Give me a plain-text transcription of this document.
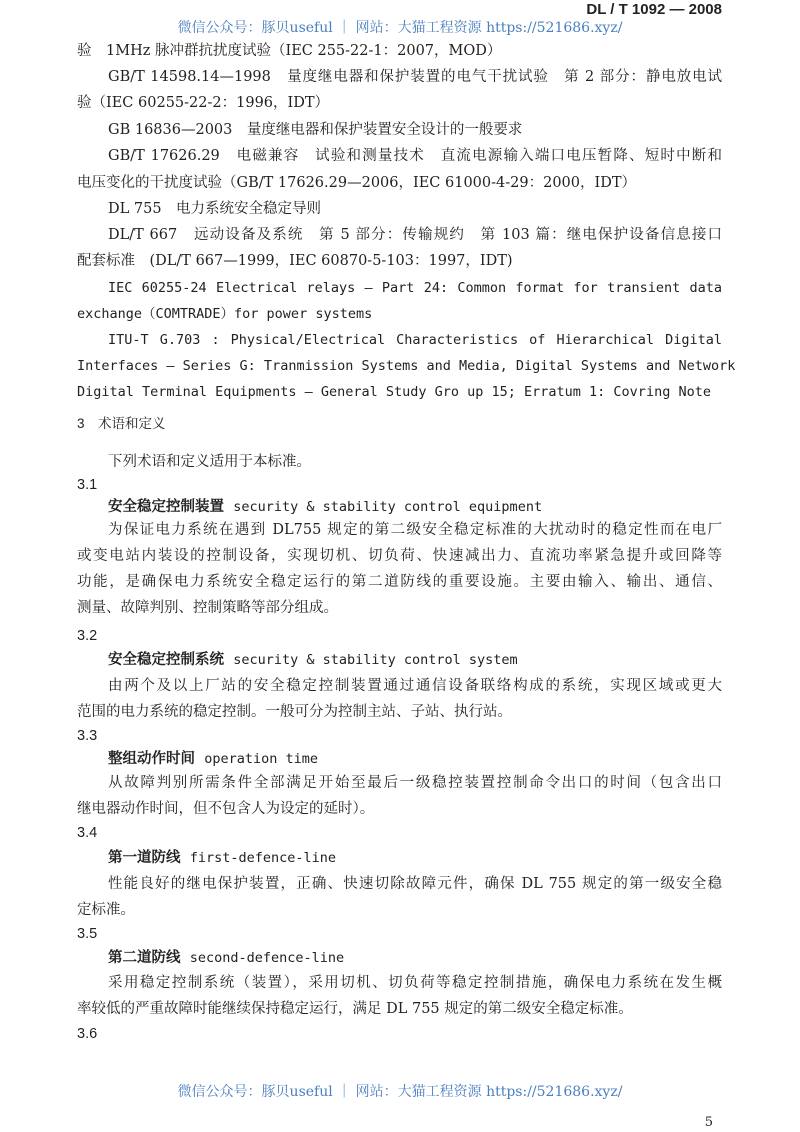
DL / T 1092 — 2008
微信公众号：豚贝useful ｜ 网站：大猫工程资源 https://521686.xyz/
验　1MHz 脉冲群抗扰度试验（IEC 255-22-1：2007，MOD）
GB/T 14598.14—1998　量度继电器和保护装置的电气干扰试验　第 2 部分：静电放电试
验（IEC 60255-22-2：1996，IDT）
GB 16836—2003　量度继电器和保护装置安全设计的一般要求
GB/T 17626.29　电磁兼容　试验和测量技术　直流电源输入端口电压暂降、短时中断和
电压变化的干扰度试验（GB/T 17626.29—2006，IEC 61000-4-29：2000，IDT）
DL 755　电力系统安全稳定导则
DL/T 667　远动设备及系统　第 5 部分：传输规约　第 103 篇：继电保护设备信息接口
配套标准　(DL/T 667—1999，IEC 60870-5-103：1997，IDT)
IEC 60255-24 Electrical relays — Part 24: Common format for transient data
exchange（COMTRADE）for power systems
ITU-T G.703 : Physical/Electrical Characteristics of Hierarchical Digital
Interfaces — Series G: Tranmission Systems and Media, Digital Systems and Network
Digital Terminal Equipments — General Study Gro up 15; Erratum 1: Covring Note
3　术语和定义
下列术语和定义适用于本标准。
3.1
安全稳定控制装置 security & stability control equipment
为保证电力系统在遇到 DL755 规定的第二级安全稳定标准的大扰动时的稳定性而在电厂
或变电站内装设的控制设备，实现切机、切负荷、快速减出力、直流功率紧急提升或回降等
功能，是确保电力系统安全稳定运行的第二道防线的重要设施。主要由输入、输出、通信、
测量、故障判别、控制策略等部分组成。
3.2
安全稳定控制系统 security & stability control system
由两个及以上厂站的安全稳定控制装置通过通信设备联络构成的系统，实现区域或更大
范围的电力系统的稳定控制。一般可分为控制主站、子站、执行站。
3.3
整组动作时间 operation time
从故障判别所需条件全部满足开始至最后一级稳控装置控制命令出口的时间（包含出口
继电器动作时间，但不包含人为设定的延时）。
3.4
第一道防线 first-defence-line
性能良好的继电保护装置，正确、快速切除故障元件，确保 DL 755 规定的第一级安全稳
定标准。
3.5
第二道防线 second-defence-line
采用稳定控制系统（装置），采用切机、切负荷等稳定控制措施，确保电力系统在发生概
率较低的严重故障时能继续保持稳定运行，满足 DL 755 规定的第二级安全稳定标准。
3.6
微信公众号：豚贝useful ｜ 网站：大猫工程资源 https://521686.xyz/
5
